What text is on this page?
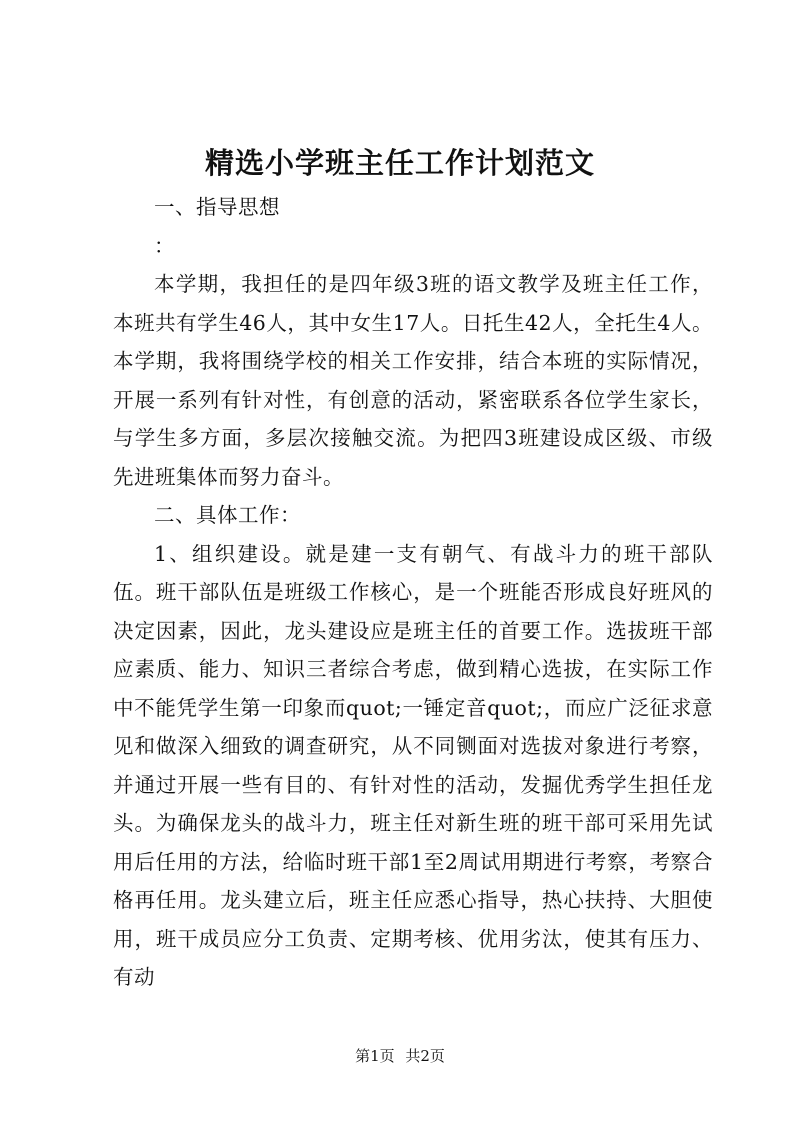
精选小学班主任工作计划范文

一、指导思想

：

本学期，我担任的是四年级3班的语文教学及班主任工作，本班共有学生46人，其中女生17人。日托生42人，全托生4人。本学期，我将围绕学校的相关工作安排，结合本班的实际情况，开展一系列有针对性，有创意的活动，紧密联系各位学生家长，与学生多方面，多层次接触交流。为把四3班建设成区级、市级先进班集体而努力奋斗。

二、具体工作：

1、组织建设。就是建一支有朝气、有战斗力的班干部队伍。班干部队伍是班级工作核心，是一个班能否形成良好班风的决定因素，因此，龙头建设应是班主任的首要工作。选拔班干部应素质、能力、知识三者综合考虑，做到精心选拔，在实际工作中不能凭学生第一印象而quot;一锤定音quot;，而应广泛征求意见和做深入细致的调查研究，从不同铡面对选拔对象进行考察，并通过开展一些有目的、有针对性的活动，发掘优秀学生担任龙头。为确保龙头的战斗力，班主任对新生班的班干部可采用先试用后任用的方法，给临时班干部1至2周试用期进行考察，考察合格再任用。龙头建立后，班主任应悉心指导，热心扶持、大胆使用，班干成员应分工负责、定期考核、优用劣汰，使其有压力、有动

第1页 共2页
